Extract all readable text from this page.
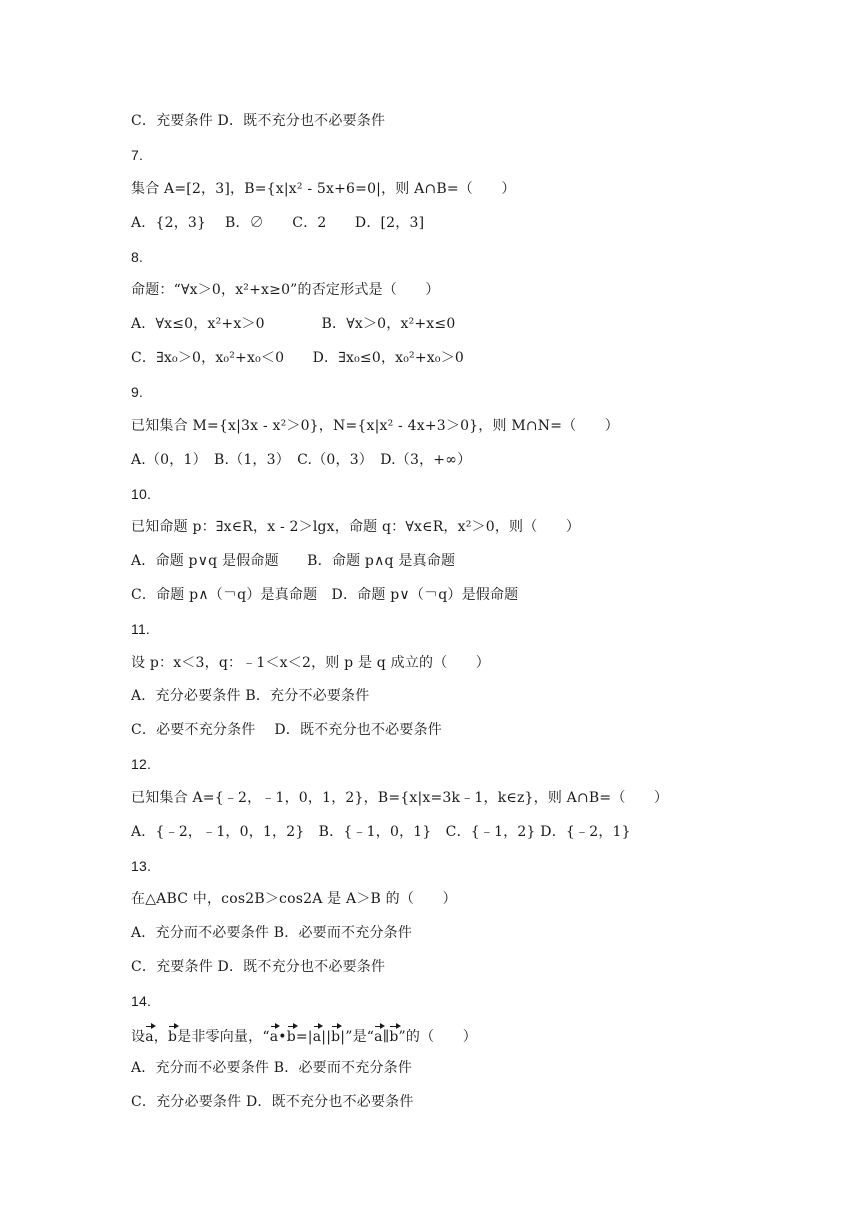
C．充要条件 D．既不充分也不必要条件
7.
集合 A=[2，3]，B={x|x² - 5x+6=0|，则 A∩B=（　　）
A．{2，3}　 B．∅　　C．2　　D．[2，3]
8.
命题：“∀x＞0，x²+x≥0”的否定形式是（　　）
A．∀x≤0，x²+x＞0　　　　B．∀x＞0，x²+x≤0
C．∃x₀＞0，x₀²+x₀＜0　　D．∃x₀≤0，x₀²+x₀＞0
9.
已知集合 M={x|3x - x²＞0}，N={x|x² - 4x+3＞0}，则 M∩N=（　　）
A.（0，1）　B.（1，3）　C.（0，3）　D.（3，+∞）
10.
已知命题 p：∃x∈R，x - 2＞lgx，命题 q：∀x∈R，x²＞0，则（　　）
A．命题 p∨q 是假命题　　B．命题 p∧q 是真命题
C．命题 p∧（￢q）是真命题　D．命题 p∨（￢q）是假命题
11.
设 p：x＜3，q：﹣1＜x＜2，则 p 是 q 成立的（　　）
A．充分必要条件 B．充分不必要条件
C．必要不充分条件　 D．既不充分也不必要条件
12.
已知集合 A={﹣2，﹣1，0，1，2}，B={x|x=3k﹣1，k∈z}，则 A∩B=（　　）
A．{﹣2，﹣1，0，1，2}　B．{﹣1，0，1}　C．{﹣1，2} D．{﹣2，1}
13.
在△ABC 中，cos2B＞cos2A 是 A＞B 的（　　）
A．充分而不必要条件 B．必要而不充分条件
C．充要条件 D．既不充分也不必要条件
14.
设a，b是非零向量，“a•b=|a||b|”是“a∥b”的（　　）
A．充分而不必要条件 B．必要而不充分条件
C．充分必要条件 D．既不充分也不必要条件
